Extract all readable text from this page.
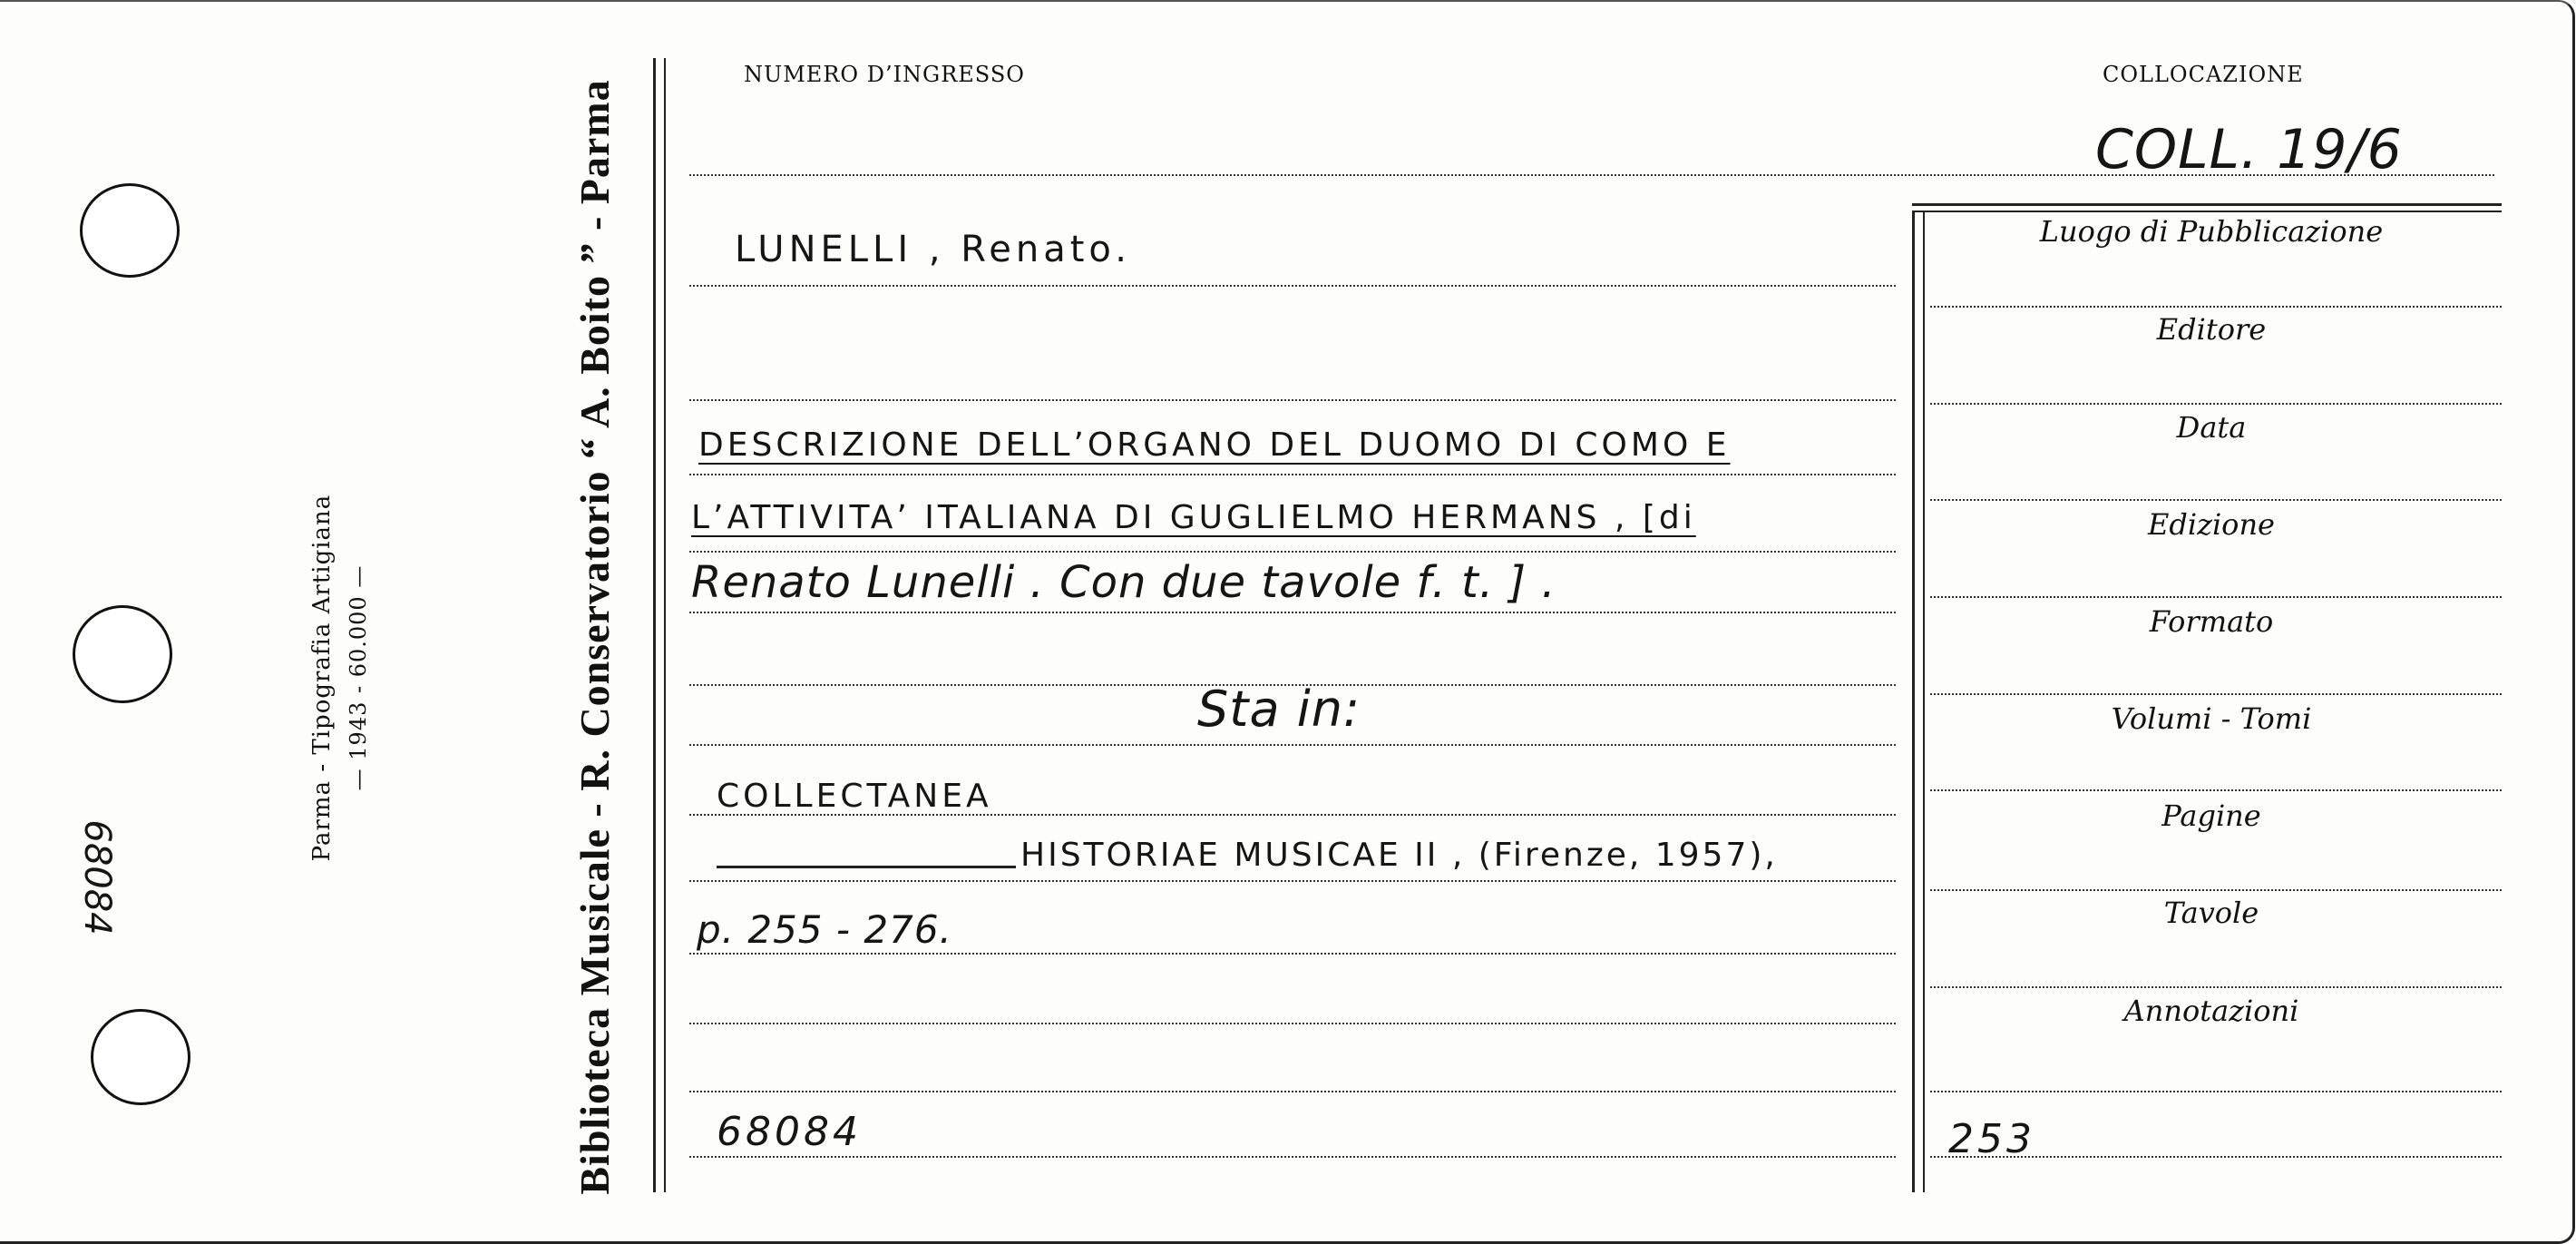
68084
Parma - Tipografia Artigiana — 1943 - 60.000 —	Biblioteca Musicale - R. Conservatorio “ A. Boito ” - Parma
NUMERO D’INGRESSO	COLLOCAZIONE
COLL. 19/6
LUNELLI , Renato.
DESCRIZIONE DELL’ORGANO DEL DUOMO DI COMO E
L’ATTIVITA’ ITALIANA DI GUGLIELMO HERMANS , [di
Renato Lunelli . Con due tavole f. t. ] .
Sta in:
COLLECTANEA
HISTORIAE MUSICAE II , (Firenze, 1957),
p. 255 - 276.
68084
Luogo di Pubblicazione
Editore
Data
Edizione
Formato
Volumi - Tomi
Pagine
Tavole
Annotazioni
253
